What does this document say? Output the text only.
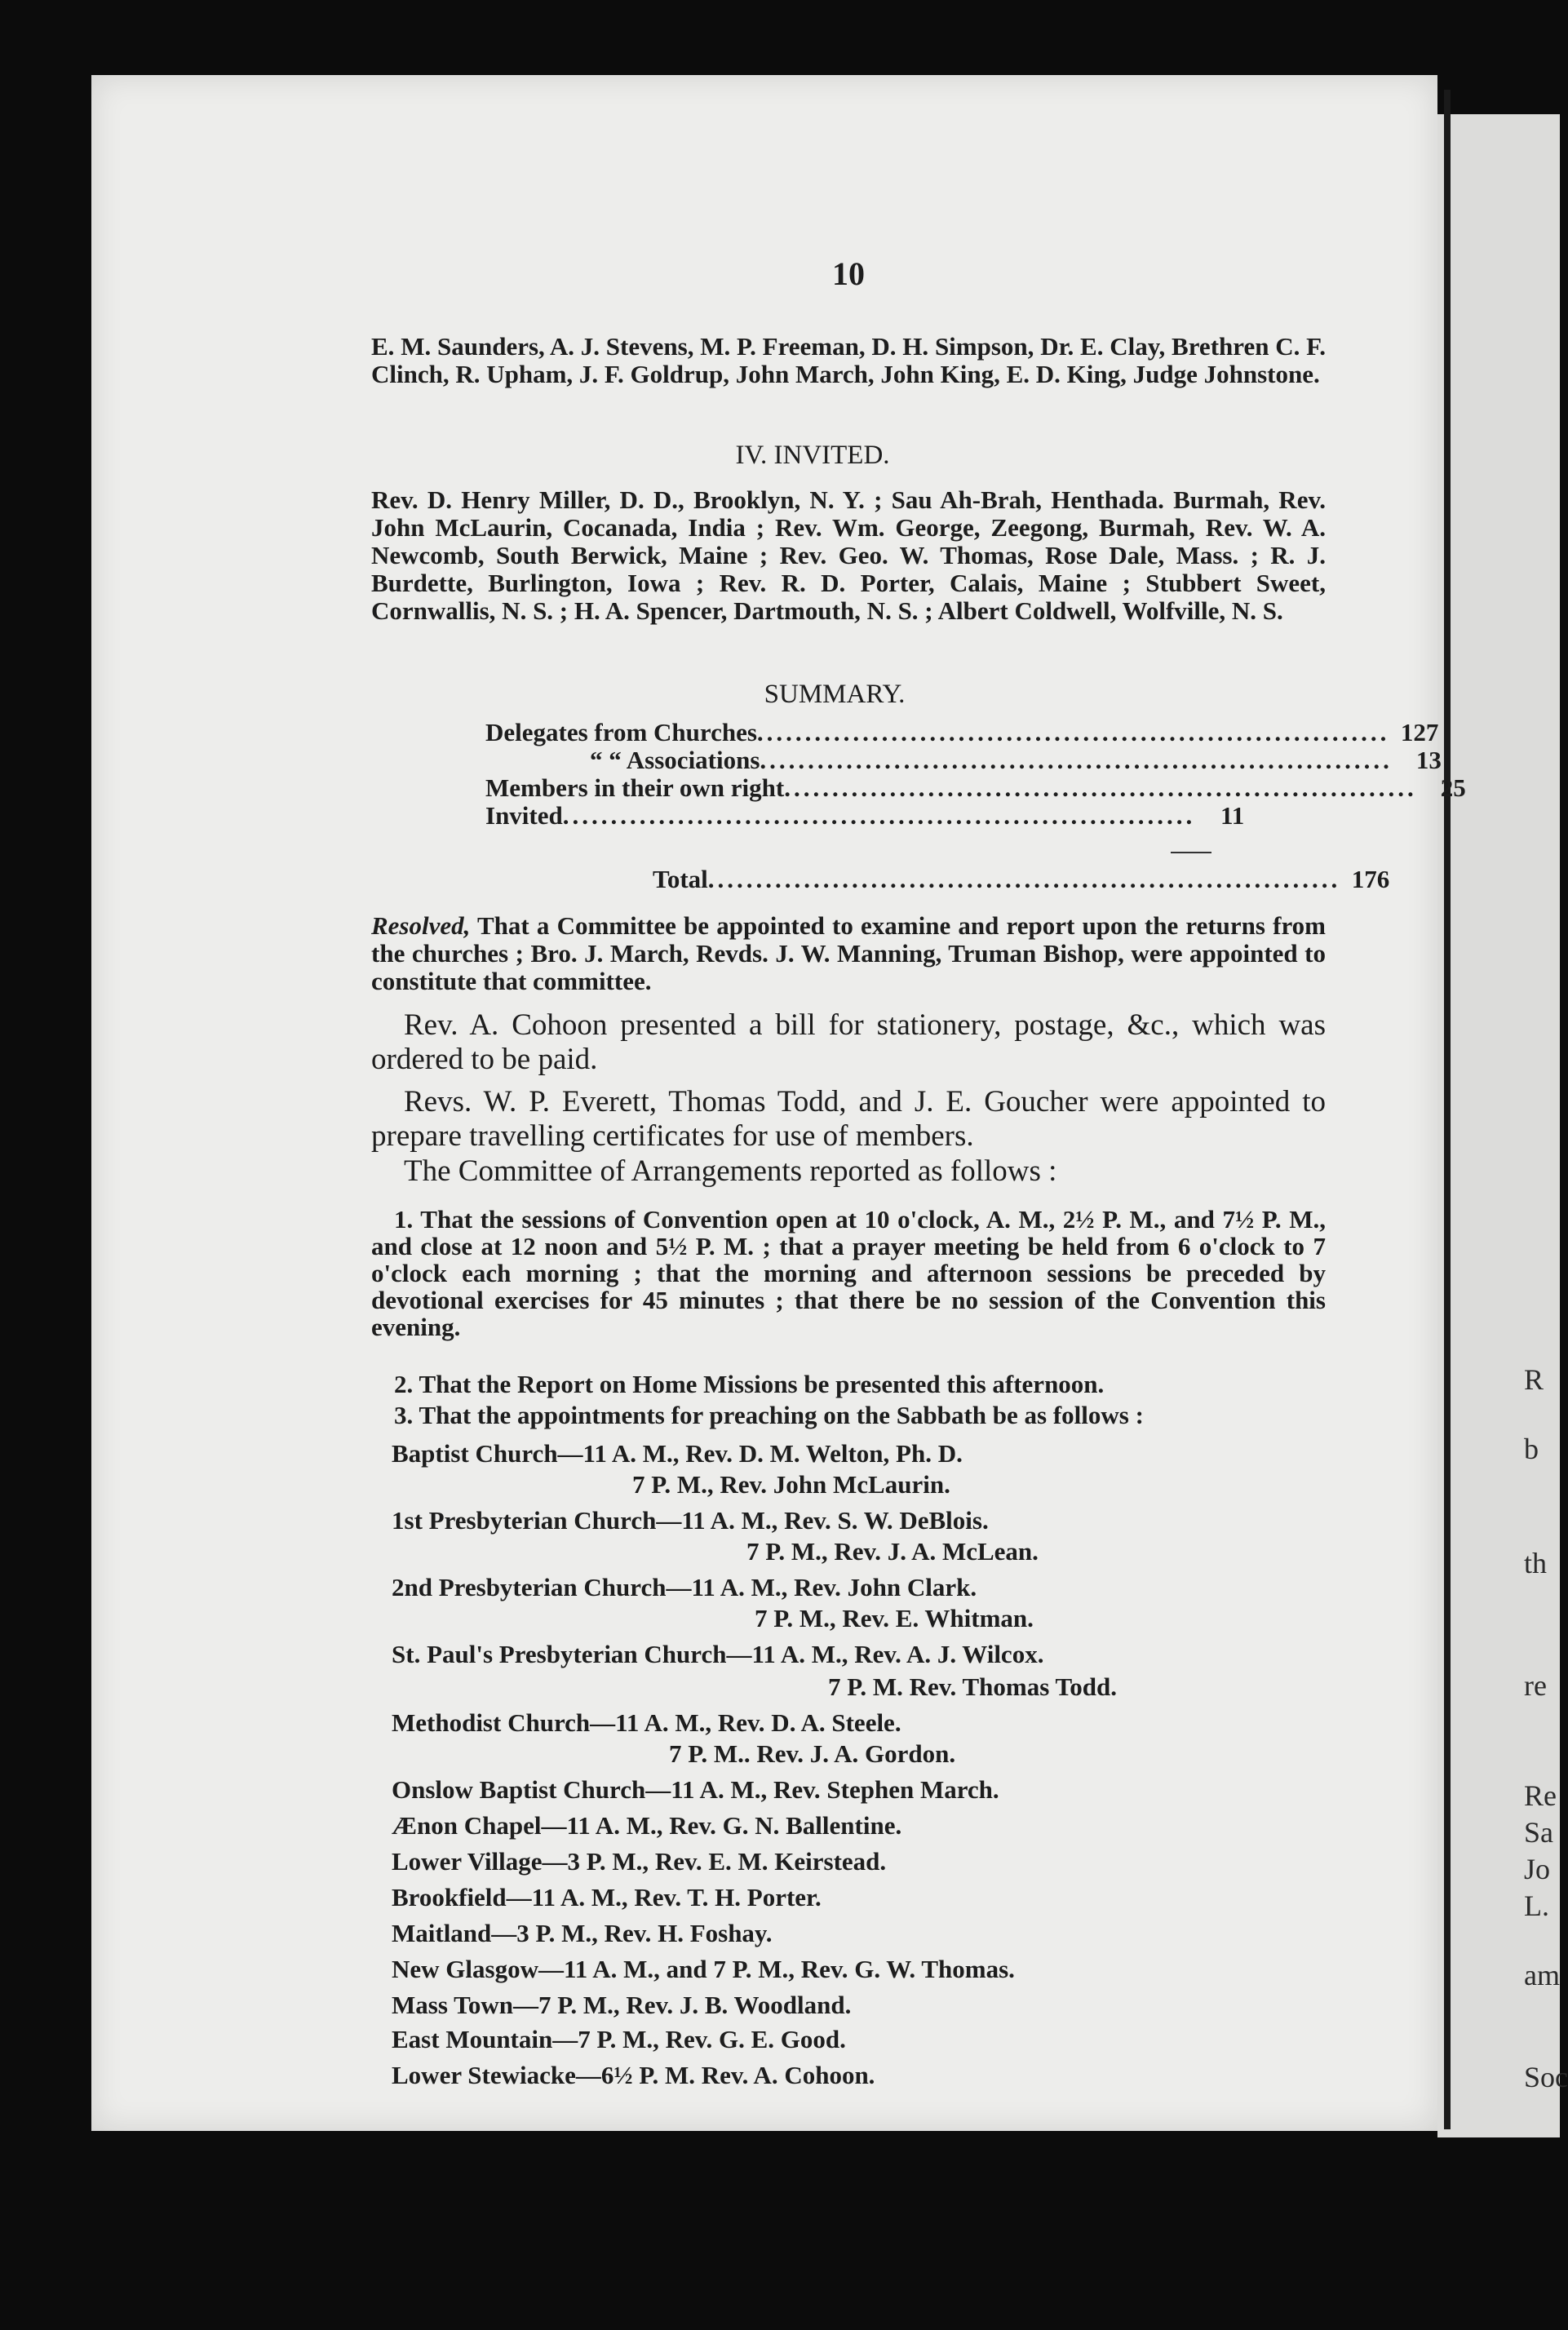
R
b
th
re
Re
Sa
Jo
L.
am
Soc
10
E. M. Saunders, A. J. Stevens, M. P. Freeman, D. H. Simpson, Dr. E. Clay, Brethren C. F. Clinch, R. Upham, J. F. Goldrup, John March, John King, E. D. King, Judge Johnstone.
IV. INVITED.
Rev. D. Henry Miller, D. D., Brooklyn, N. Y. ; Sau Ah-Brah, Henthada. Burmah, Rev. John McLaurin, Cocanada, India ; Rev. Wm. George, Zeegong, Burmah, Rev. W. A. Newcomb, South Berwick, Maine ; Rev. Geo. W. Thomas, Rose Dale, Mass. ; R. J. Burdette, Burlington, Iowa ; Rev. R. D. Porter, Calais, Maine ; Stubbert Sweet, Cornwallis, N. S. ; H. A. Spencer, Dartmouth, N. S. ; Albert Coldwell, Wolfville, N. S.
SUMMARY.
Delegates from Churches .................................................................. 127
“ “ Associations .................................................................. 13
Members in their own right .................................................................. 25
Invited .................................................................. 11
Total .................................................................. 176
Resolved, That a Committee be appointed to examine and report upon the returns from the churches ; Bro. J. March, Revds. J. W. Manning, Truman Bishop, were appointed to constitute that committee.
Rev. A. Cohoon presented a bill for stationery, postage, &c., which was ordered to be paid.
Revs. W. P. Everett, Thomas Todd, and J. E. Goucher were appointed to prepare travelling certificates for use of members.
The Committee of Arrangements reported as follows :
1. That the sessions of Convention open at 10 o'clock, A. M., 2½ P. M., and 7½ P. M., and close at 12 noon and 5½ P. M. ; that a prayer meeting be held from 6 o'clock to 7 o'clock each morning ; that the morning and afternoon sessions be preceded by devotional exercises for 45 minutes ; that there be no session of the Convention this evening.
2. That the Report on Home Missions be presented this afternoon.
3. That the appointments for preaching on the Sabbath be as follows :
Baptist Church—11 A. M., Rev. D. M. Welton, Ph. D.
7 P. M., Rev. John McLaurin.
1st Presbyterian Church—11 A. M., Rev. S. W. DeBlois.
7 P. M., Rev. J. A. McLean.
2nd Presbyterian Church—11 A. M., Rev. John Clark.
7 P. M., Rev. E. Whitman.
St. Paul's Presbyterian Church—11 A. M., Rev. A. J. Wilcox.
7 P. M. Rev. Thomas Todd.
Methodist Church—11 A. M., Rev. D. A. Steele.
7 P. M.. Rev. J. A. Gordon.
Onslow Baptist Church—11 A. M., Rev. Stephen March.
Ænon Chapel—11 A. M., Rev. G. N. Ballentine.
Lower Village—3 P. M., Rev. E. M. Keirstead.
Brookfield—11 A. M., Rev. T. H. Porter.
Maitland—3 P. M., Rev. H. Foshay.
New Glasgow—11 A. M., and 7 P. M., Rev. G. W. Thomas.
Mass Town—7 P. M., Rev. J. B. Woodland.
East Mountain—7 P. M., Rev. G. E. Good.
Lower Stewiacke—6½ P. M. Rev. A. Cohoon.
